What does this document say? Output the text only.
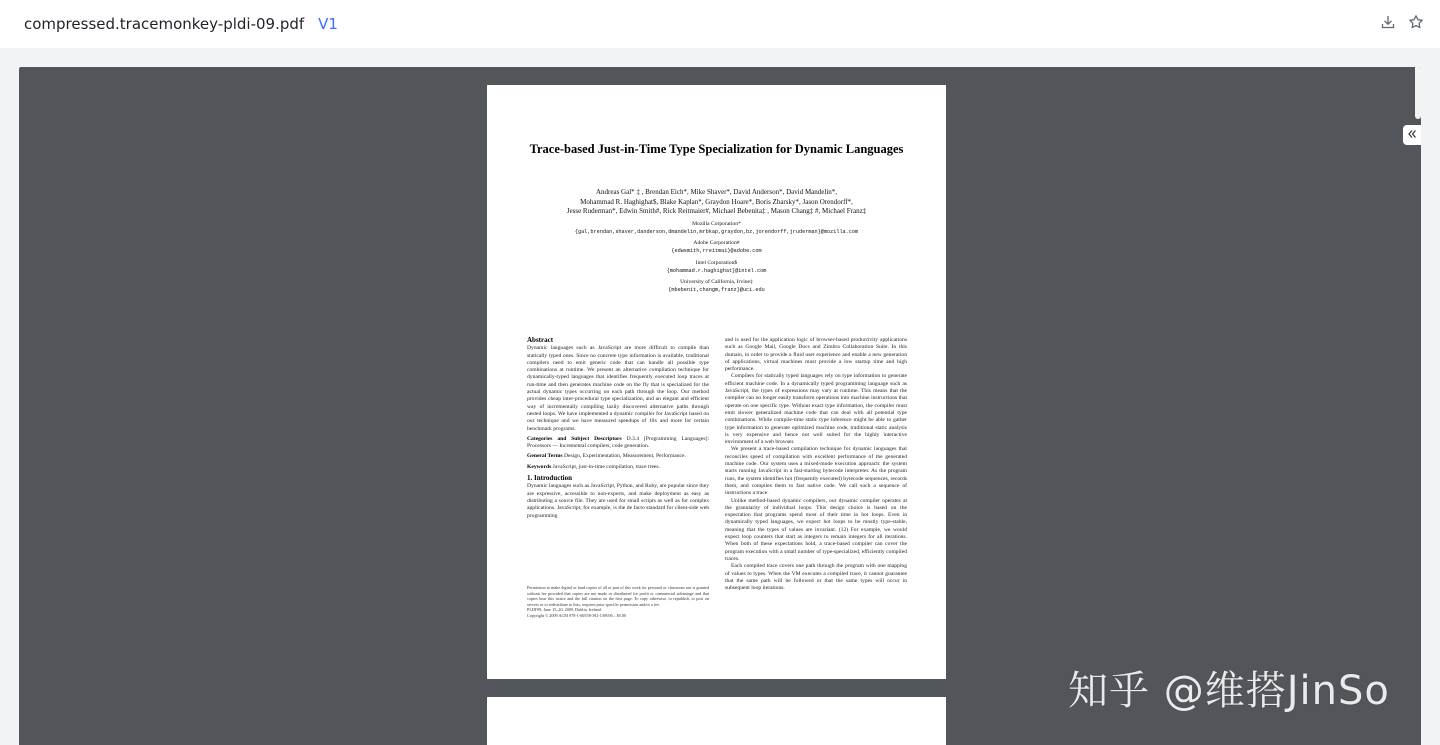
compressed.tracemonkey-pldi-09.pdf V1
Trace-based Just-in-Time Type Specialization for Dynamic Languages
Andreas Gal* ‡ , Brendan Eich*, Mike Shaver*, David Anderson*, David Mandelin*,
Mohammad R. Haghighat$, Blake Kaplan*, Graydon Hoare*, Boris Zbarsky*, Jason Orendorff*,
Jesse Ruderman*, Edwin Smith#, Rick Reitmaier#, Michael Bebenita‡ , Mason Chang‡ #, Michael Franz‡
Mozilla Corporation*
{gal,brendan,shaver,danderson,dmandelin,mrbkap,graydon,bz,jorendorff,jruderman}@mozilla.com
Adobe Corporation#
{edwsmith,rreitmai}@adobe.com
Intel Corporation$
{mohammad.r.haghighat}@intel.com
University of California, Irvine‡
{mbebenit,changm,franz}@uci.edu
Abstract

Dynamic languages such as JavaScript are more difficult to compile than statically typed ones. Since no concrete type information is available, traditional compilers need to emit generic code that can handle all possible type combinations at runtime. We present an alternative compilation technique for dynamically-typed languages that identifies frequently executed loop traces at run-time and then generates machine code on the fly that is specialized for the actual dynamic types occurring on each path through the loop. Our method provides cheap inter-procedural type specialization, and an elegant and efficient way of incrementally compiling lazily discovered alternative paths through nested loops. We have implemented a dynamic compiler for JavaScript based on our technique and we have measured speedups of 10x and more for certain benchmark programs.

Categories and Subject Descriptors D.3.4 [Programming Languages]: Processors — Incremental compilers, code generation.

General Terms Design, Experimentation, Measurement, Performance.

Keywords JavaScript, just-in-time compilation, trace trees.

1. Introduction

Dynamic languages such as JavaScript, Python, and Ruby, are popular since they are expressive, accessible to non-experts, and make deployment as easy as distributing a source file. They are used for small scripts as well as for complex applications. JavaScript, for example, is the de facto standard for client-side web programming

Permission to make digital or hard copies of all or part of this work for personal or classroom use is granted without fee provided that copies are not made or distributed for profit or commercial advantage and that copies bear this notice and the full citation on the first page. To copy otherwise, to republish, to post on servers or to redistribute to lists, requires prior specific permission and/or a fee.
PLDI'09, June 15–20, 2009, Dublin, Ireland.
Copyright © 2009 ACM 978-1-60558-392-1/09/06... $5.00

and is used for the application logic of browser-based productivity applications such as Google Mail, Google Docs and Zimbra Collaboration Suite. In this domain, in order to provide a fluid user experience and enable a new generation of applications, virtual machines must provide a low startup time and high performance.

Compilers for statically typed languages rely on type information to generate efficient machine code. In a dynamically typed programming language such as JavaScript, the types of expressions may vary at runtime. This means that the compiler can no longer easily transform operations into machine instructions that operate on one specific type. Without exact type information, the compiler must emit slower generalized machine code that can deal with all potential type combinations. While compile-time static type inference might be able to gather type information to generate optimized machine code, traditional static analysis is very expensive and hence not well suited for the highly interactive environment of a web browser.

We present a trace-based compilation technique for dynamic languages that reconciles speed of compilation with excellent performance of the generated machine code. Our system uses a mixed-mode execution approach: the system starts running JavaScript in a fast-starting bytecode interpreter. As the program runs, the system identifies hot (frequently executed) bytecode sequences, records them, and compiles them to fast native code. We call such a sequence of instructions a trace.

Unlike method-based dynamic compilers, our dynamic compiler operates at the granularity of individual loops. This design choice is based on the expectation that programs spend most of their time in hot loops. Even in dynamically typed languages, we expect hot loops to be mostly type-stable, meaning that the types of values are invariant. (12) For example, we would expect loop counters that start as integers to remain integers for all iterations. When both of these expectations hold, a trace-based compiler can cover the program execution with a small number of type-specialized, efficiently compiled traces.

Each compiled trace covers one path through the program with one mapping of values to types. When the VM executes a compiled trace, it cannot guarantee that the same path will be followed or that the same types will occur in subsequent loop iterations.

知乎 @维搭JinSo
